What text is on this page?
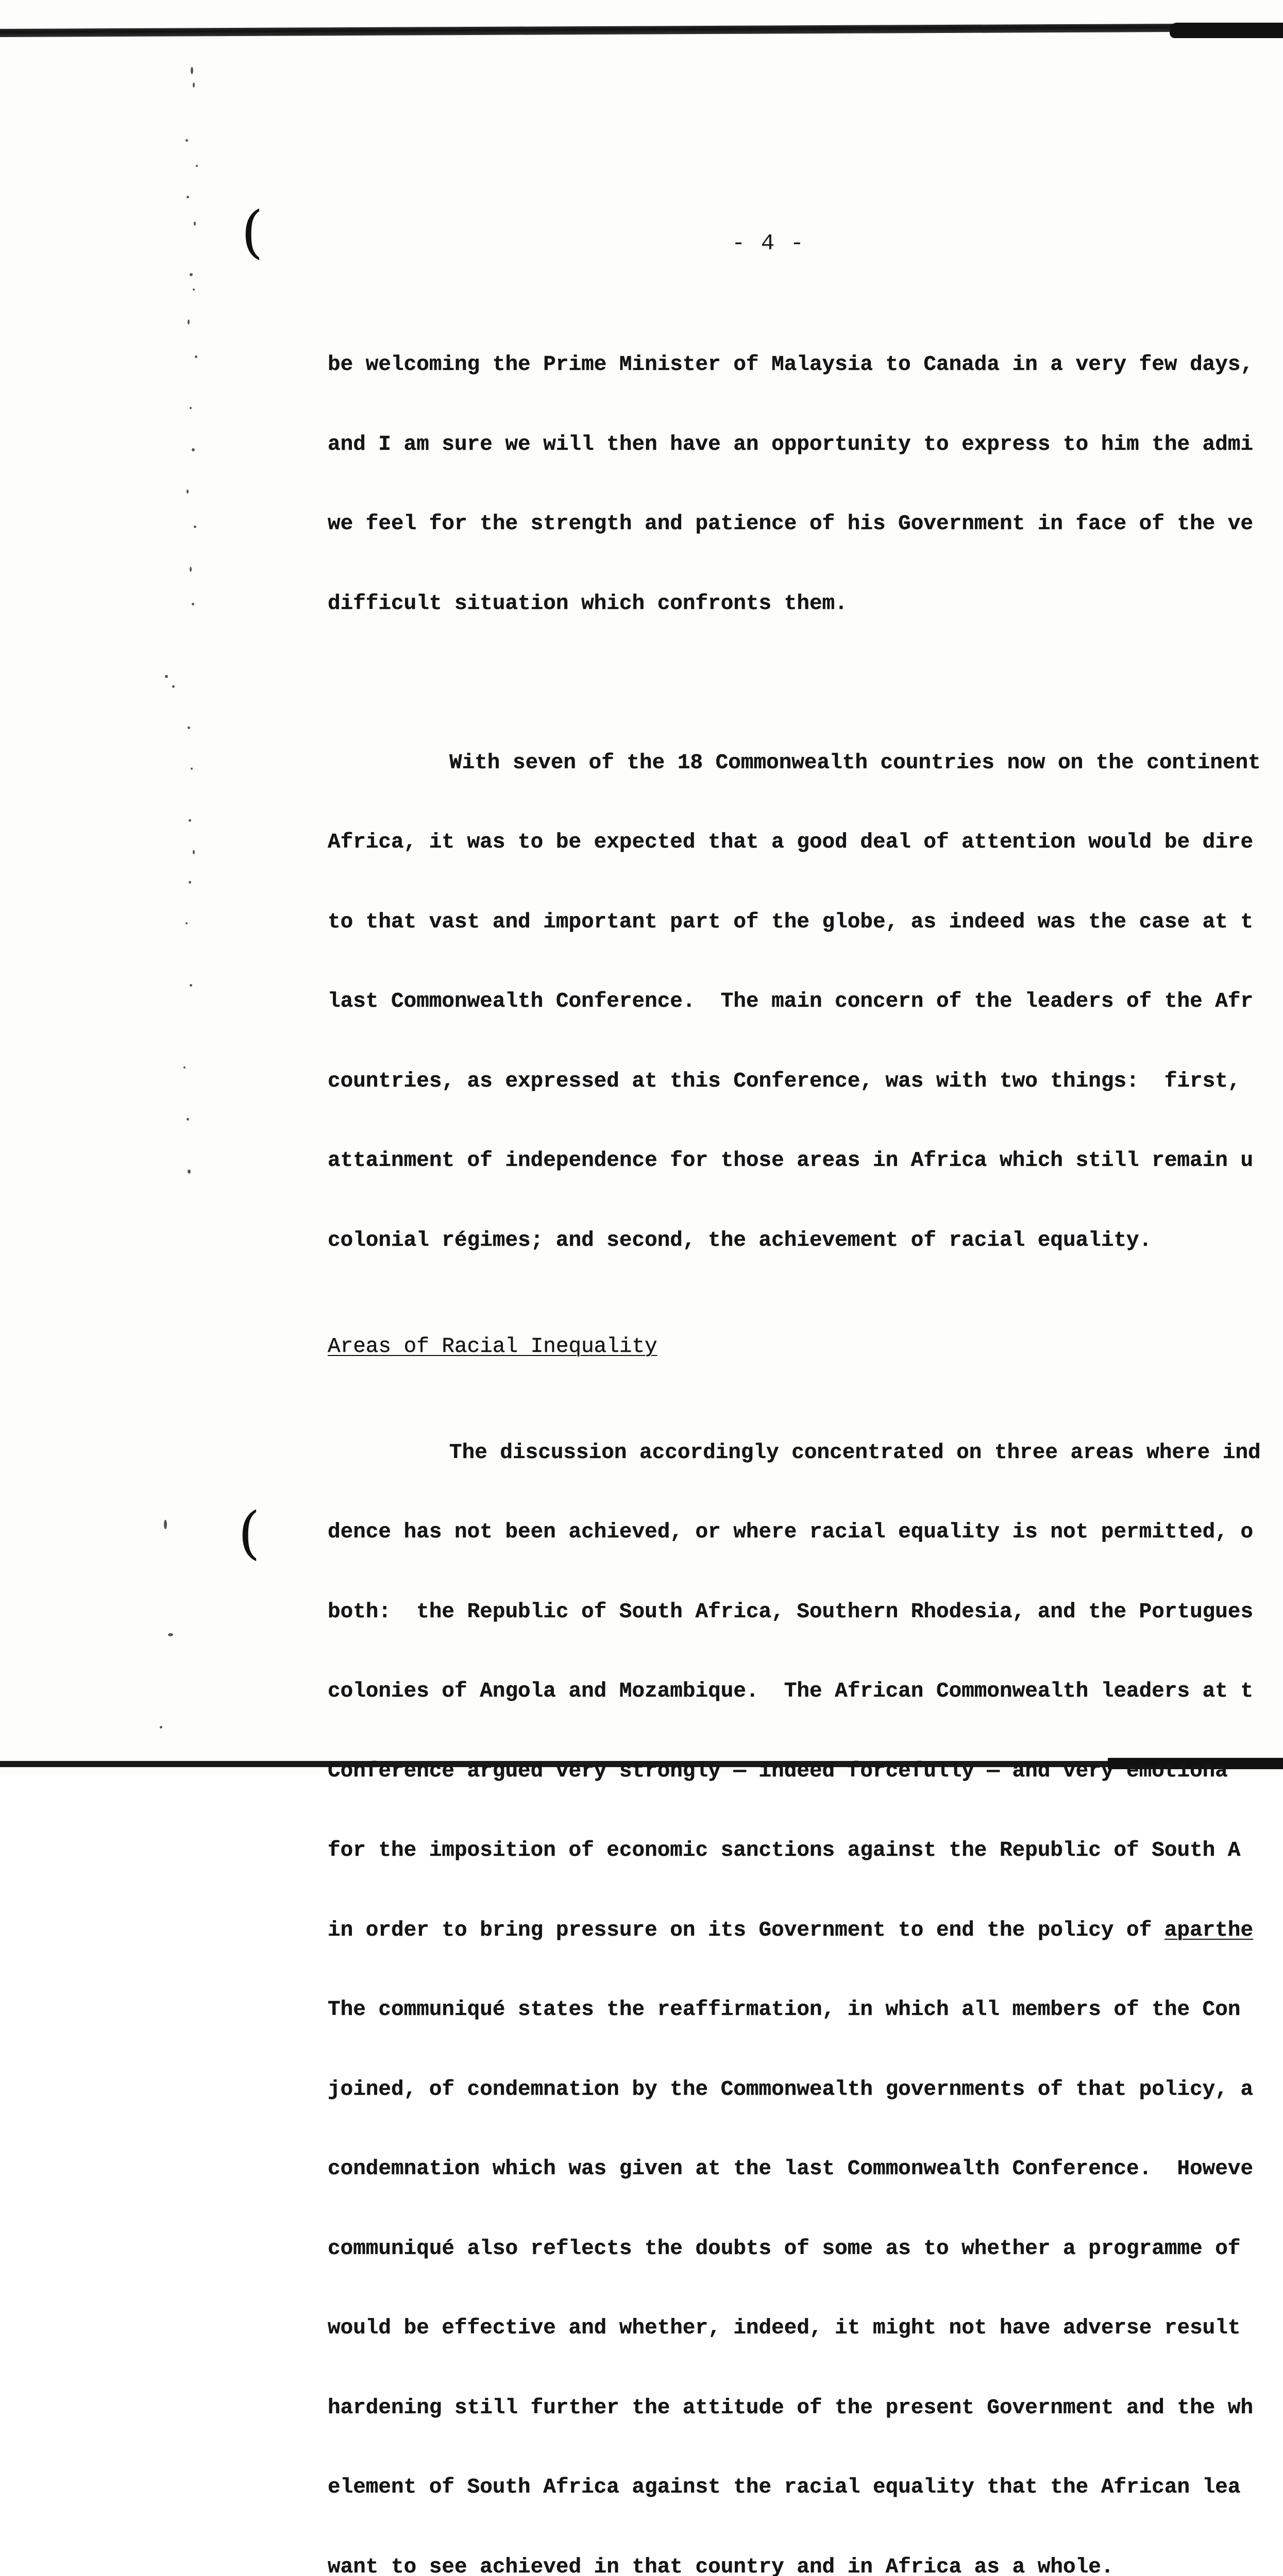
(
(
- 4 -

be welcoming the Prime Minister of Malaysia to Canada in a very few days,

and I am sure we will then have an opportunity to express to him the admi

we feel for the strength and patience of his Government in face of the ve

difficult situation which confronts them.

With seven of the 18 Commonwealth countries now on the continent

Africa, it was to be expected that a good deal of attention would be dire

to that vast and important part of the globe, as indeed was the case at t

last Commonwealth Conference.  The main concern of the leaders of the Afr

countries, as expressed at this Conference, was with two things:  first,

attainment of independence for those areas in Africa which still remain u

colonial régimes; and second, the achievement of racial equality.

Areas of Racial Inequality

The discussion accordingly concentrated on three areas where ind

dence has not been achieved, or where racial equality is not permitted, o

both:  the Republic of South Africa, Southern Rhodesia, and the Portugues

colonies of Angola and Mozambique.  The African Commonwealth leaders at t

Conference argued very strongly — indeed forcefully — and very emotiona

for the imposition of economic sanctions against the Republic of South A

in order to bring pressure on its Government to end the policy of aparthe

The communiqué states the reaffirmation, in which all members of the Con

joined, of condemnation by the Commonwealth governments of that policy, a

condemnation which was given at the last Commonwealth Conference.  Howeve

communiqué also reflects the doubts of some as to whether a programme of

would be effective and whether, indeed, it might not have adverse result

hardening still further the attitude of the present Government and the wh

element of South Africa against the racial equality that the African lea

want to see achieved in that country and in Africa as a whole.
